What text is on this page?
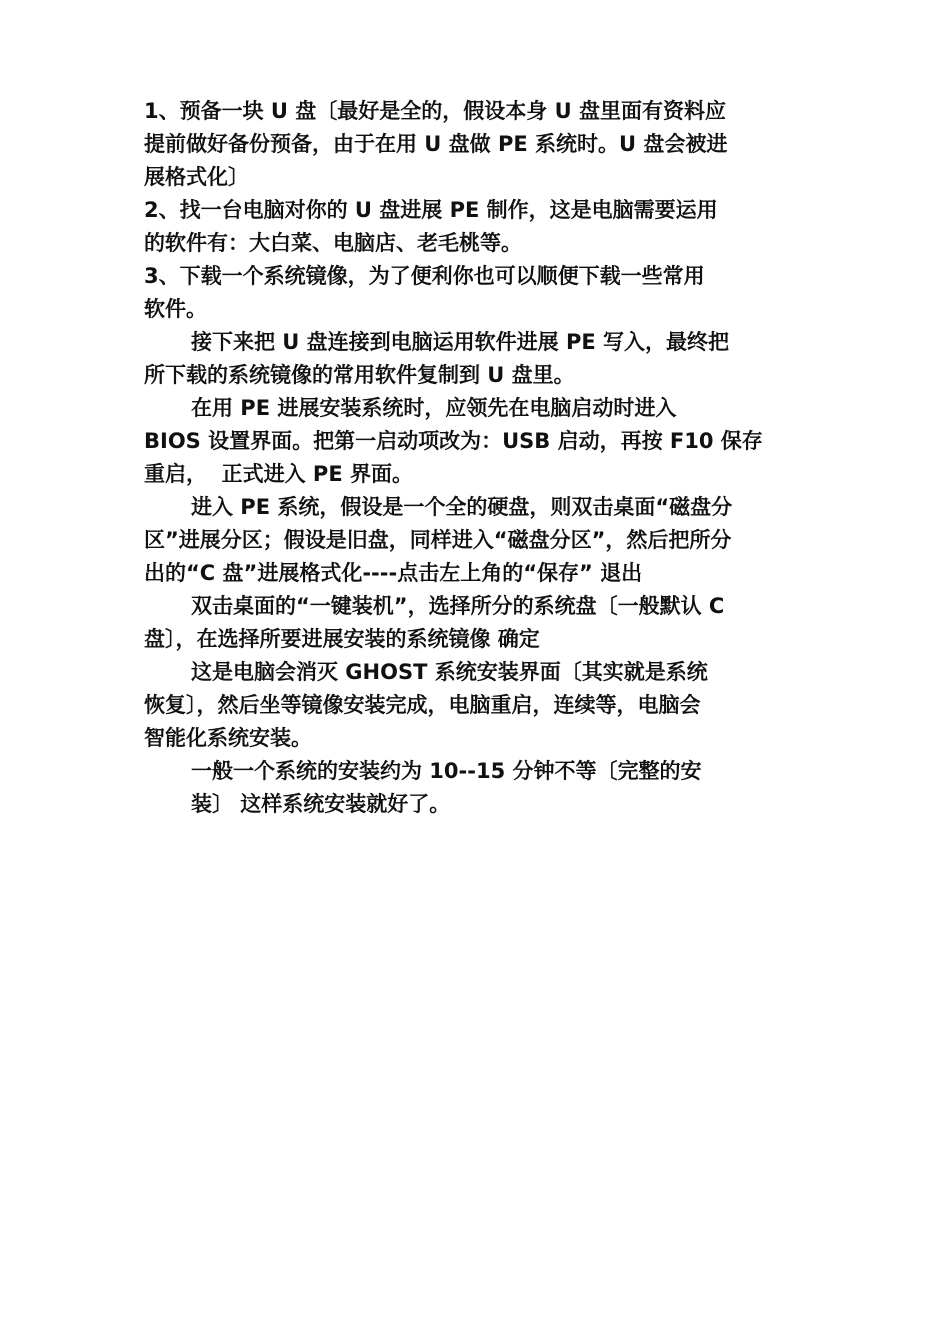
1、预备一块 U 盘〔最好是全的，假设本身 U 盘里面有资料应
提前做好备份预备，由于在用 U 盘做 PE 系统时。U 盘会被进
展格式化〕

2、找一台电脑对你的 U 盘进展 PE 制作，这是电脑需要运用
的软件有：大白菜、电脑店、老毛桃等。

3、下载一个系统镜像，为了便利你也可以顺便下载一些常用
软件。

接下来把 U 盘连接到电脑运用软件进展 PE 写入，最终把
所下载的系统镜像的常用软件复制到 U 盘里。

在用 PE 进展安装系统时，应领先在电脑启动时进入
BIOS 设置界面。把第一启动项改为：USB 启动，再按 F10 保存
重启，  正式进入 PE 界面。

进入 PE 系统，假设是一个全的硬盘，则双击桌面“磁盘分
区”进展分区；假设是旧盘，同样进入“磁盘分区”，然后把所分
出的“C 盘”进展格式化----点击左上角的“保存” 退出

双击桌面的“一键装机”，选择所分的系统盘〔一般默认 C
盘〕，在选择所要进展安装的系统镜像 确定

这是电脑会消灭 GHOST 系统安装界面〔其实就是系统
恢复〕，然后坐等镜像安装完成，电脑重启，连续等，电脑会
智能化系统安装。

一般一个系统的安装约为 10--15 分钟不等〔完整的安
装〕 这样系统安装就好了。
